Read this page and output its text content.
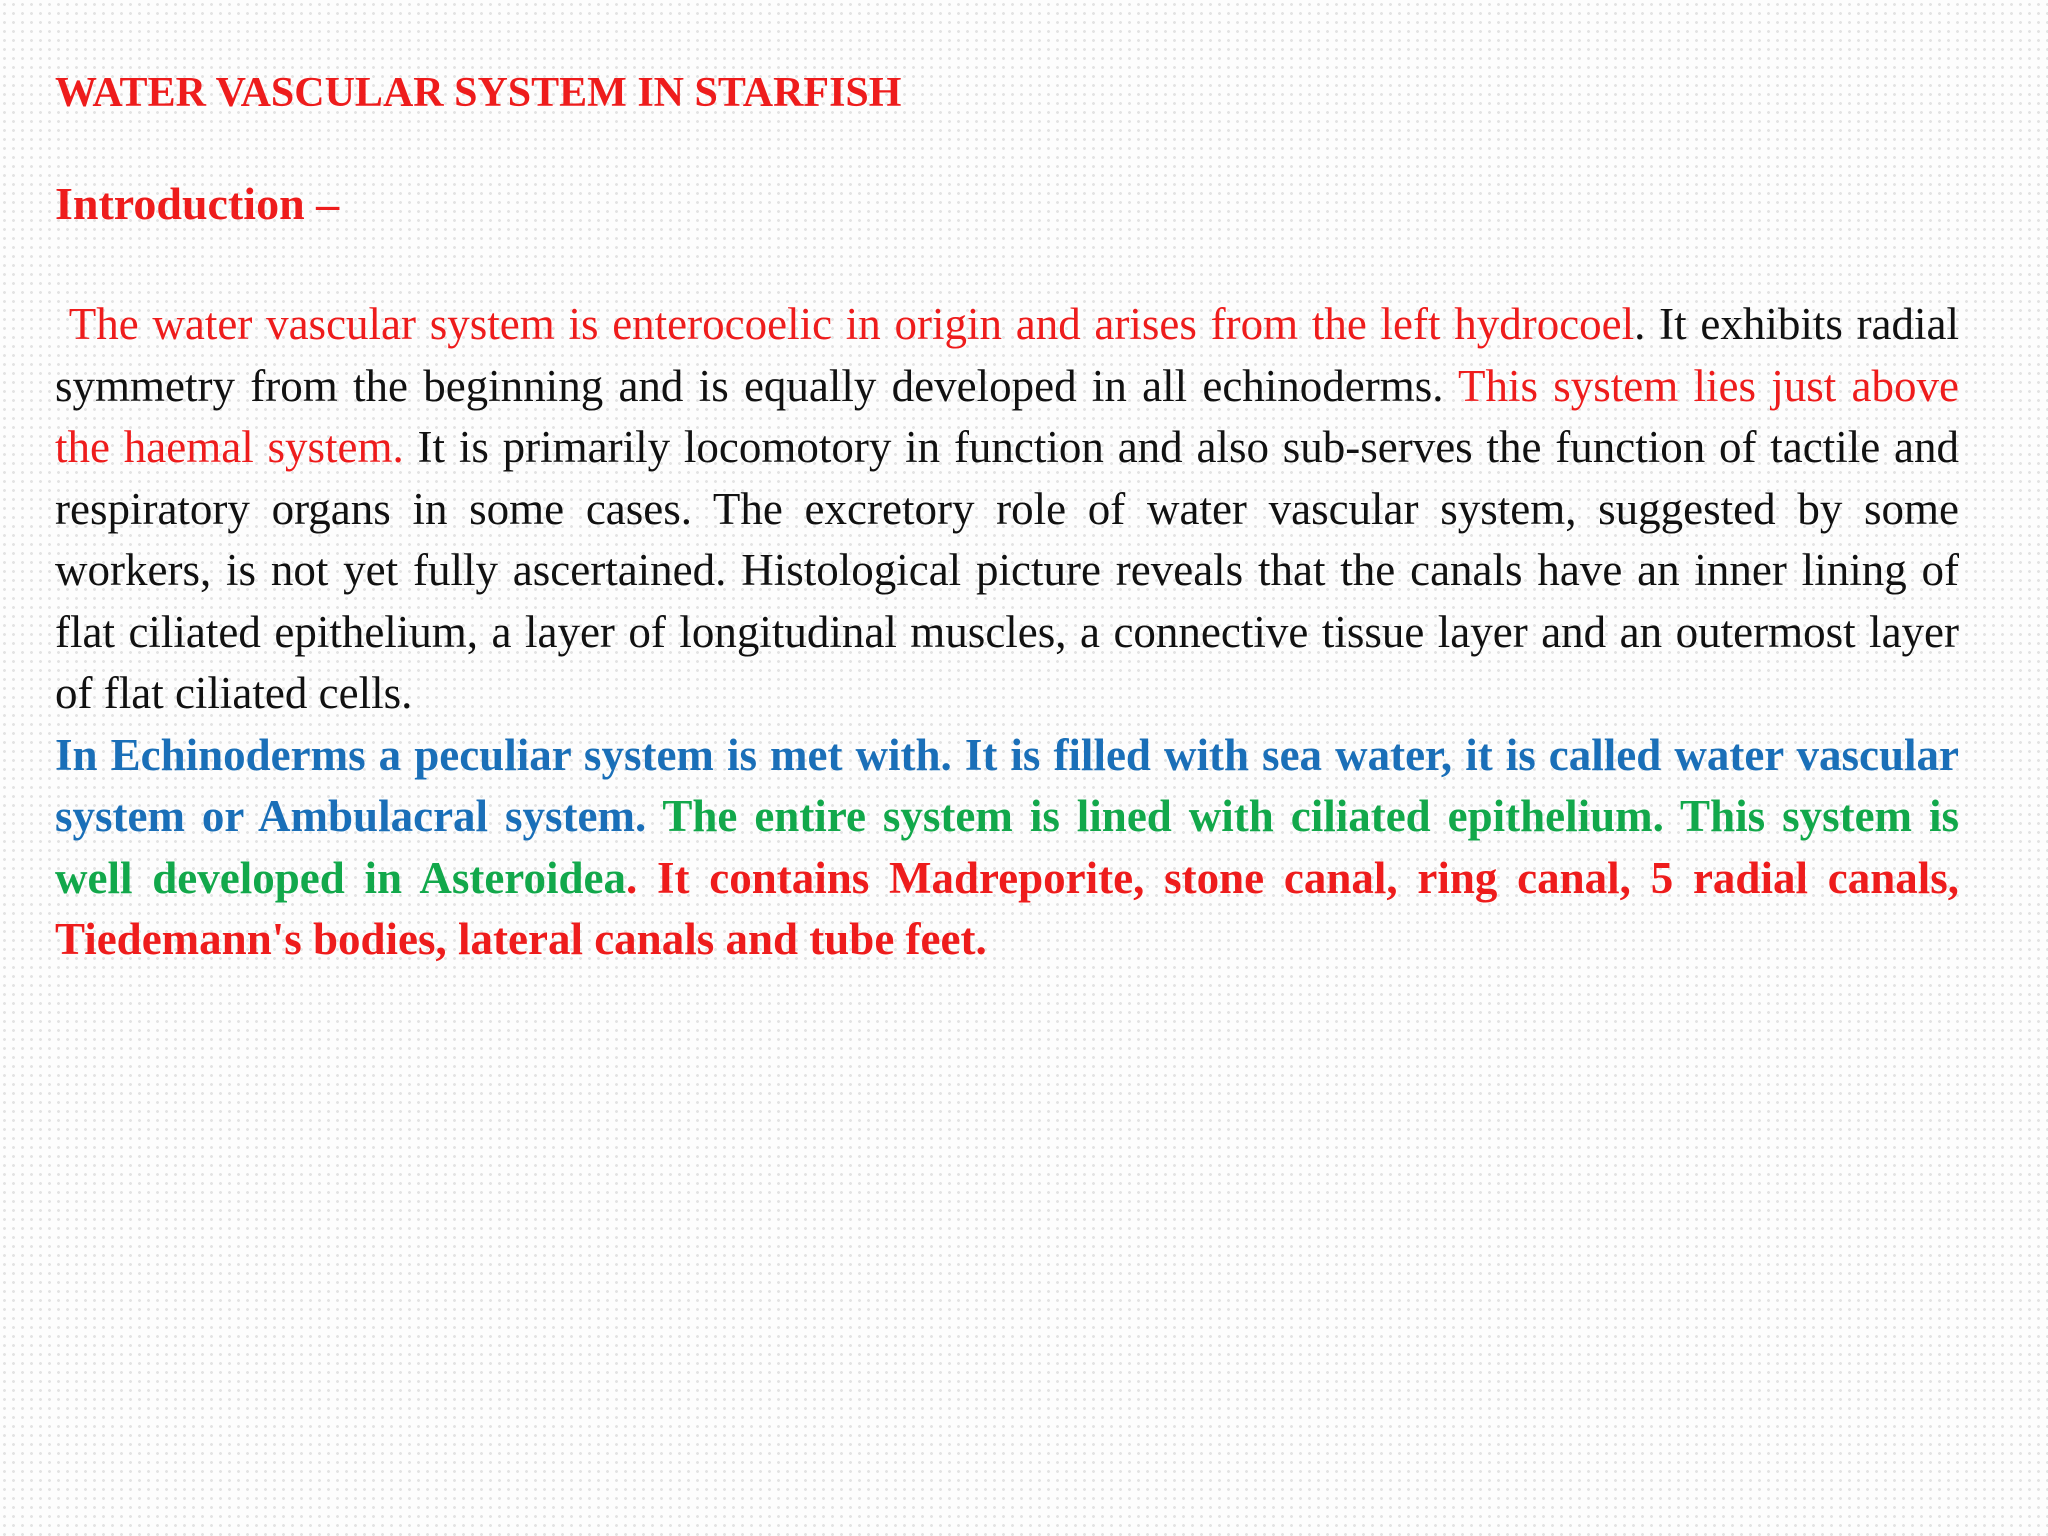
WATER VASCULAR SYSTEM IN STARFISH
Introduction –

The water vascular system is enterocoelic in origin and arises from the left hydrocoel. It exhibits radial symmetry from the beginning and is equally developed in all echinoderms. This system lies just above the haemal system. It is primarily locomotory in function and also sub-serves the function of tactile and respiratory organs in some cases. The excretory role of water vascular system, suggested by some workers, is not yet fully ascertained. Histological picture reveals that the canals have an inner lining of flat ciliated epithelium, a layer of longitudinal muscles, a connective tissue layer and an outermost layer of flat ciliated cells.

In Echinoderms a peculiar system is met with. It is filled with sea water, it is called water vascular system or Ambulacral system. The entire system is lined with ciliated epithelium. This system is well developed in Asteroidea. It contains Madreporite, stone canal, ring canal, 5 radial canals, Tiedemann's bodies, lateral canals and tube feet.
